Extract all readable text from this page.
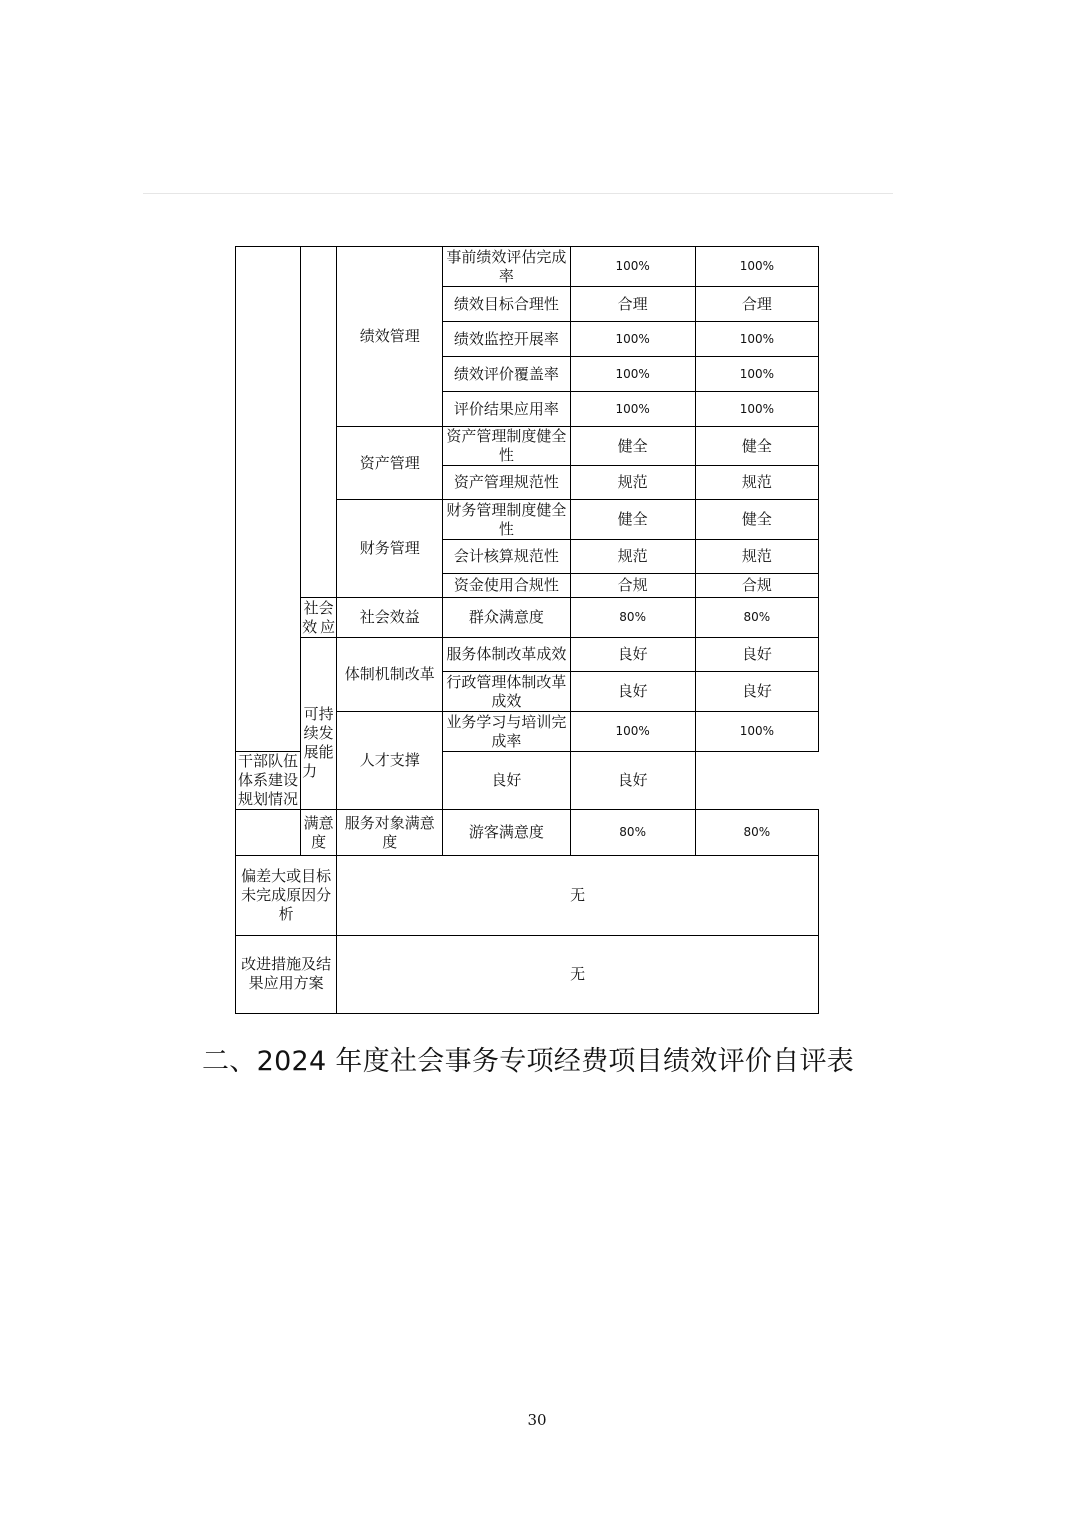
		绩效管理	事前绩效评估完成率	100%	100%
			绩效目标合理性	合理	合理
			绩效监控开展率	100%	100%
			绩效评价覆盖率	100%	100%
			评价结果应用率	100%	100%
		资产管理	资产管理制度健全性	健全	健全
			资产管理规范性	规范	规范
		财务管理	财务管理制度健全性	健全	健全
			会计核算规范性	规范	规范
			资金使用合规性	合规	合规
	社会效应	社会效益	群众满意度	80%	80%
	可持续发展能力	体制机制改革	服务体制改革成效	良好	良好
			行政管理体制改革成效	良好	良好
		人才支撑	业务学习与培训完成率	100%	100%
干部队伍体系建设规划情况			良好	良好	
	满意度	服务对象满意度	游客满意度	80%	80%
偏差大或目标未完成原因分析		无			
改进措施及结果应用方案		无			
二、2024 年度社会事务专项经费项目绩效评价自评表
30
